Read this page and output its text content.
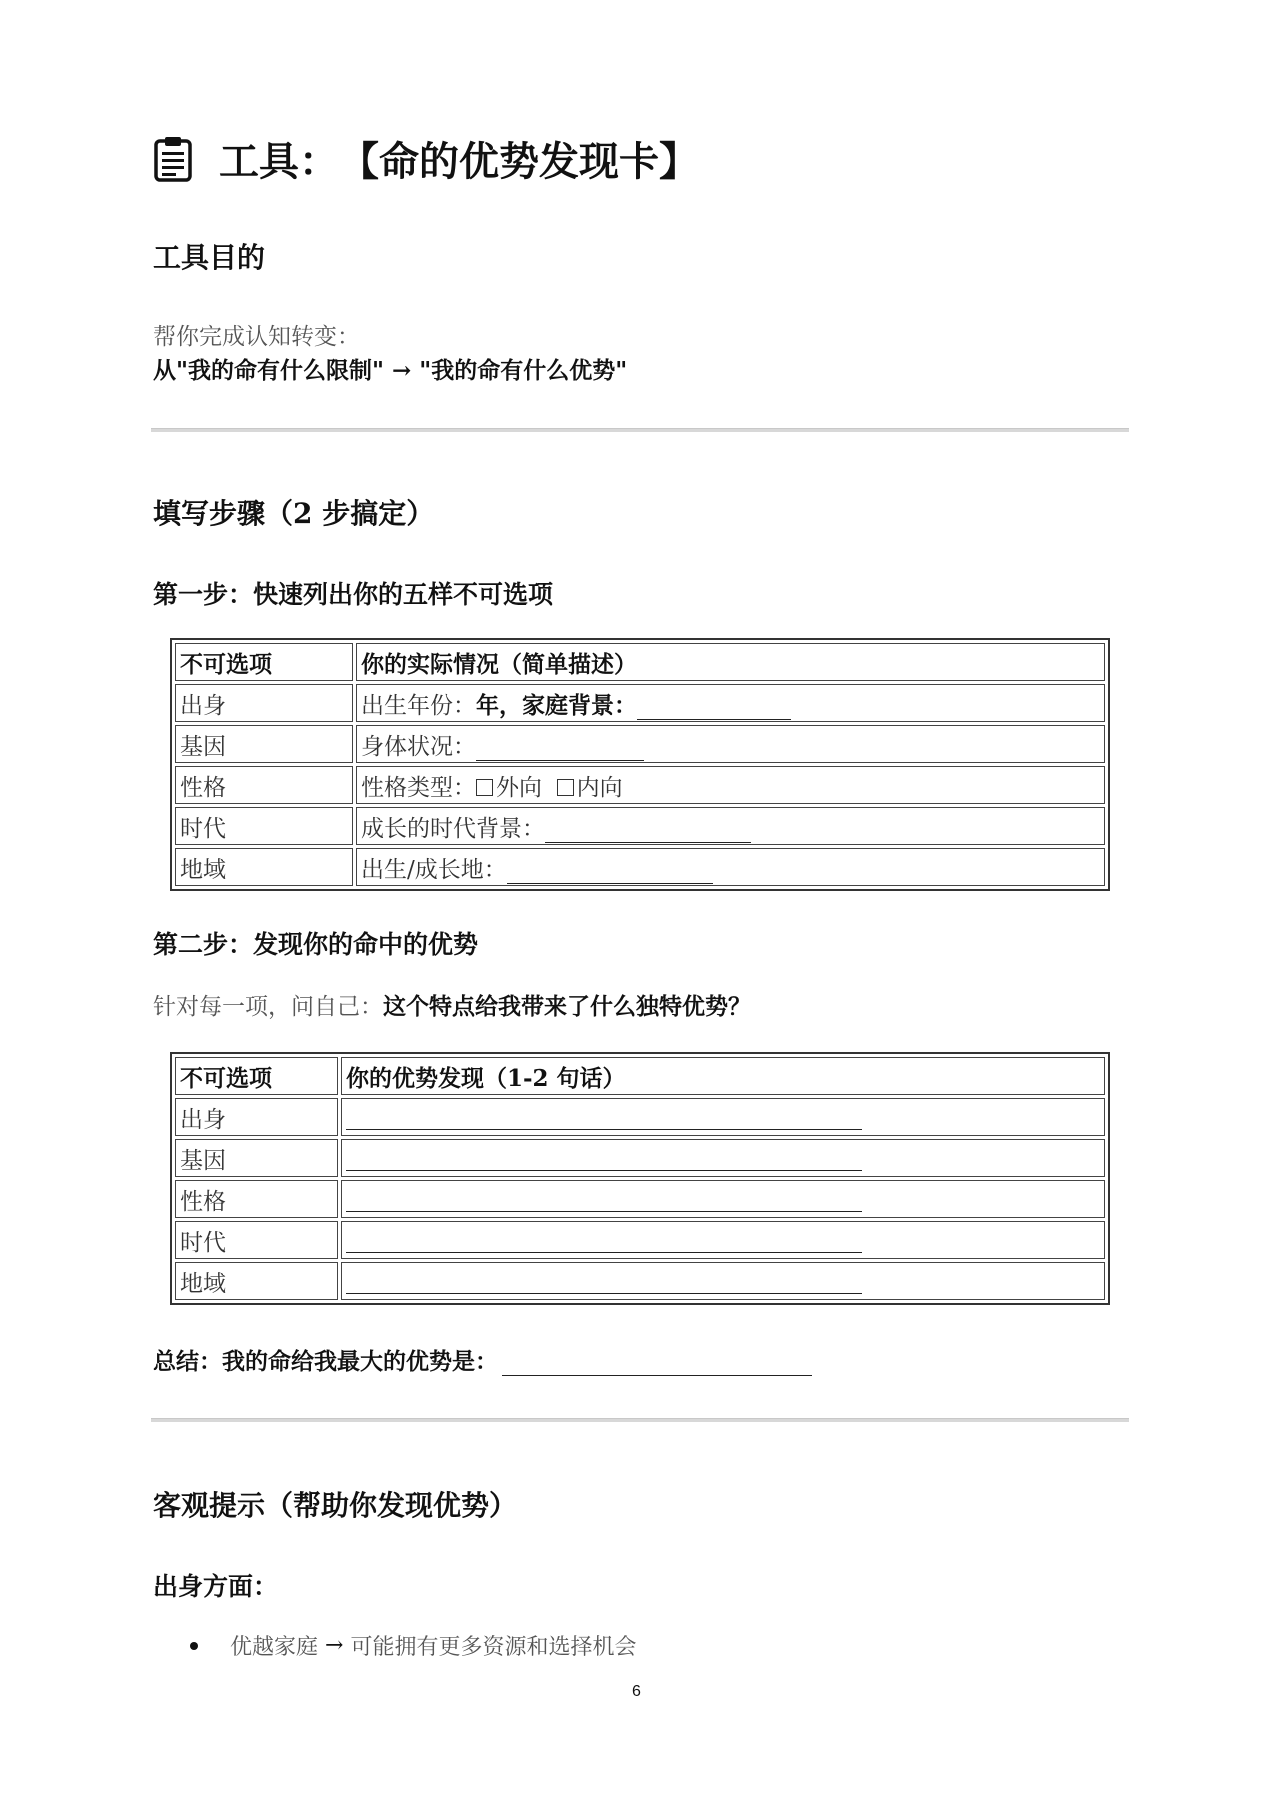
工具： 【命的优势发现卡】
工具目的
帮你完成认知转变：
从"我的命有什么限制" → "我的命有什么优势"
填写步骤（2 步搞定）
第一步：快速列出你的五样不可选项
不可选项	你的实际情况（简单描述）
出身	出生年份：年，家庭背景：
基因	身体状况：
性格	性格类型： 外向 内向
时代	成长的时代背景：
地域	出生/成长地：
第二步：发现你的命中的优势
针对每一项，问自己：这个特点给我带来了什么独特优势？
不可选项	你的优势发现（1-2 句话）
出身	
基因	
性格	
时代	
地域	
总结：我的命给我最大的优势是：
客观提示（帮助你发现优势）
出身方面：
优越家庭
→
可能拥有更多资源和选择机会
6
